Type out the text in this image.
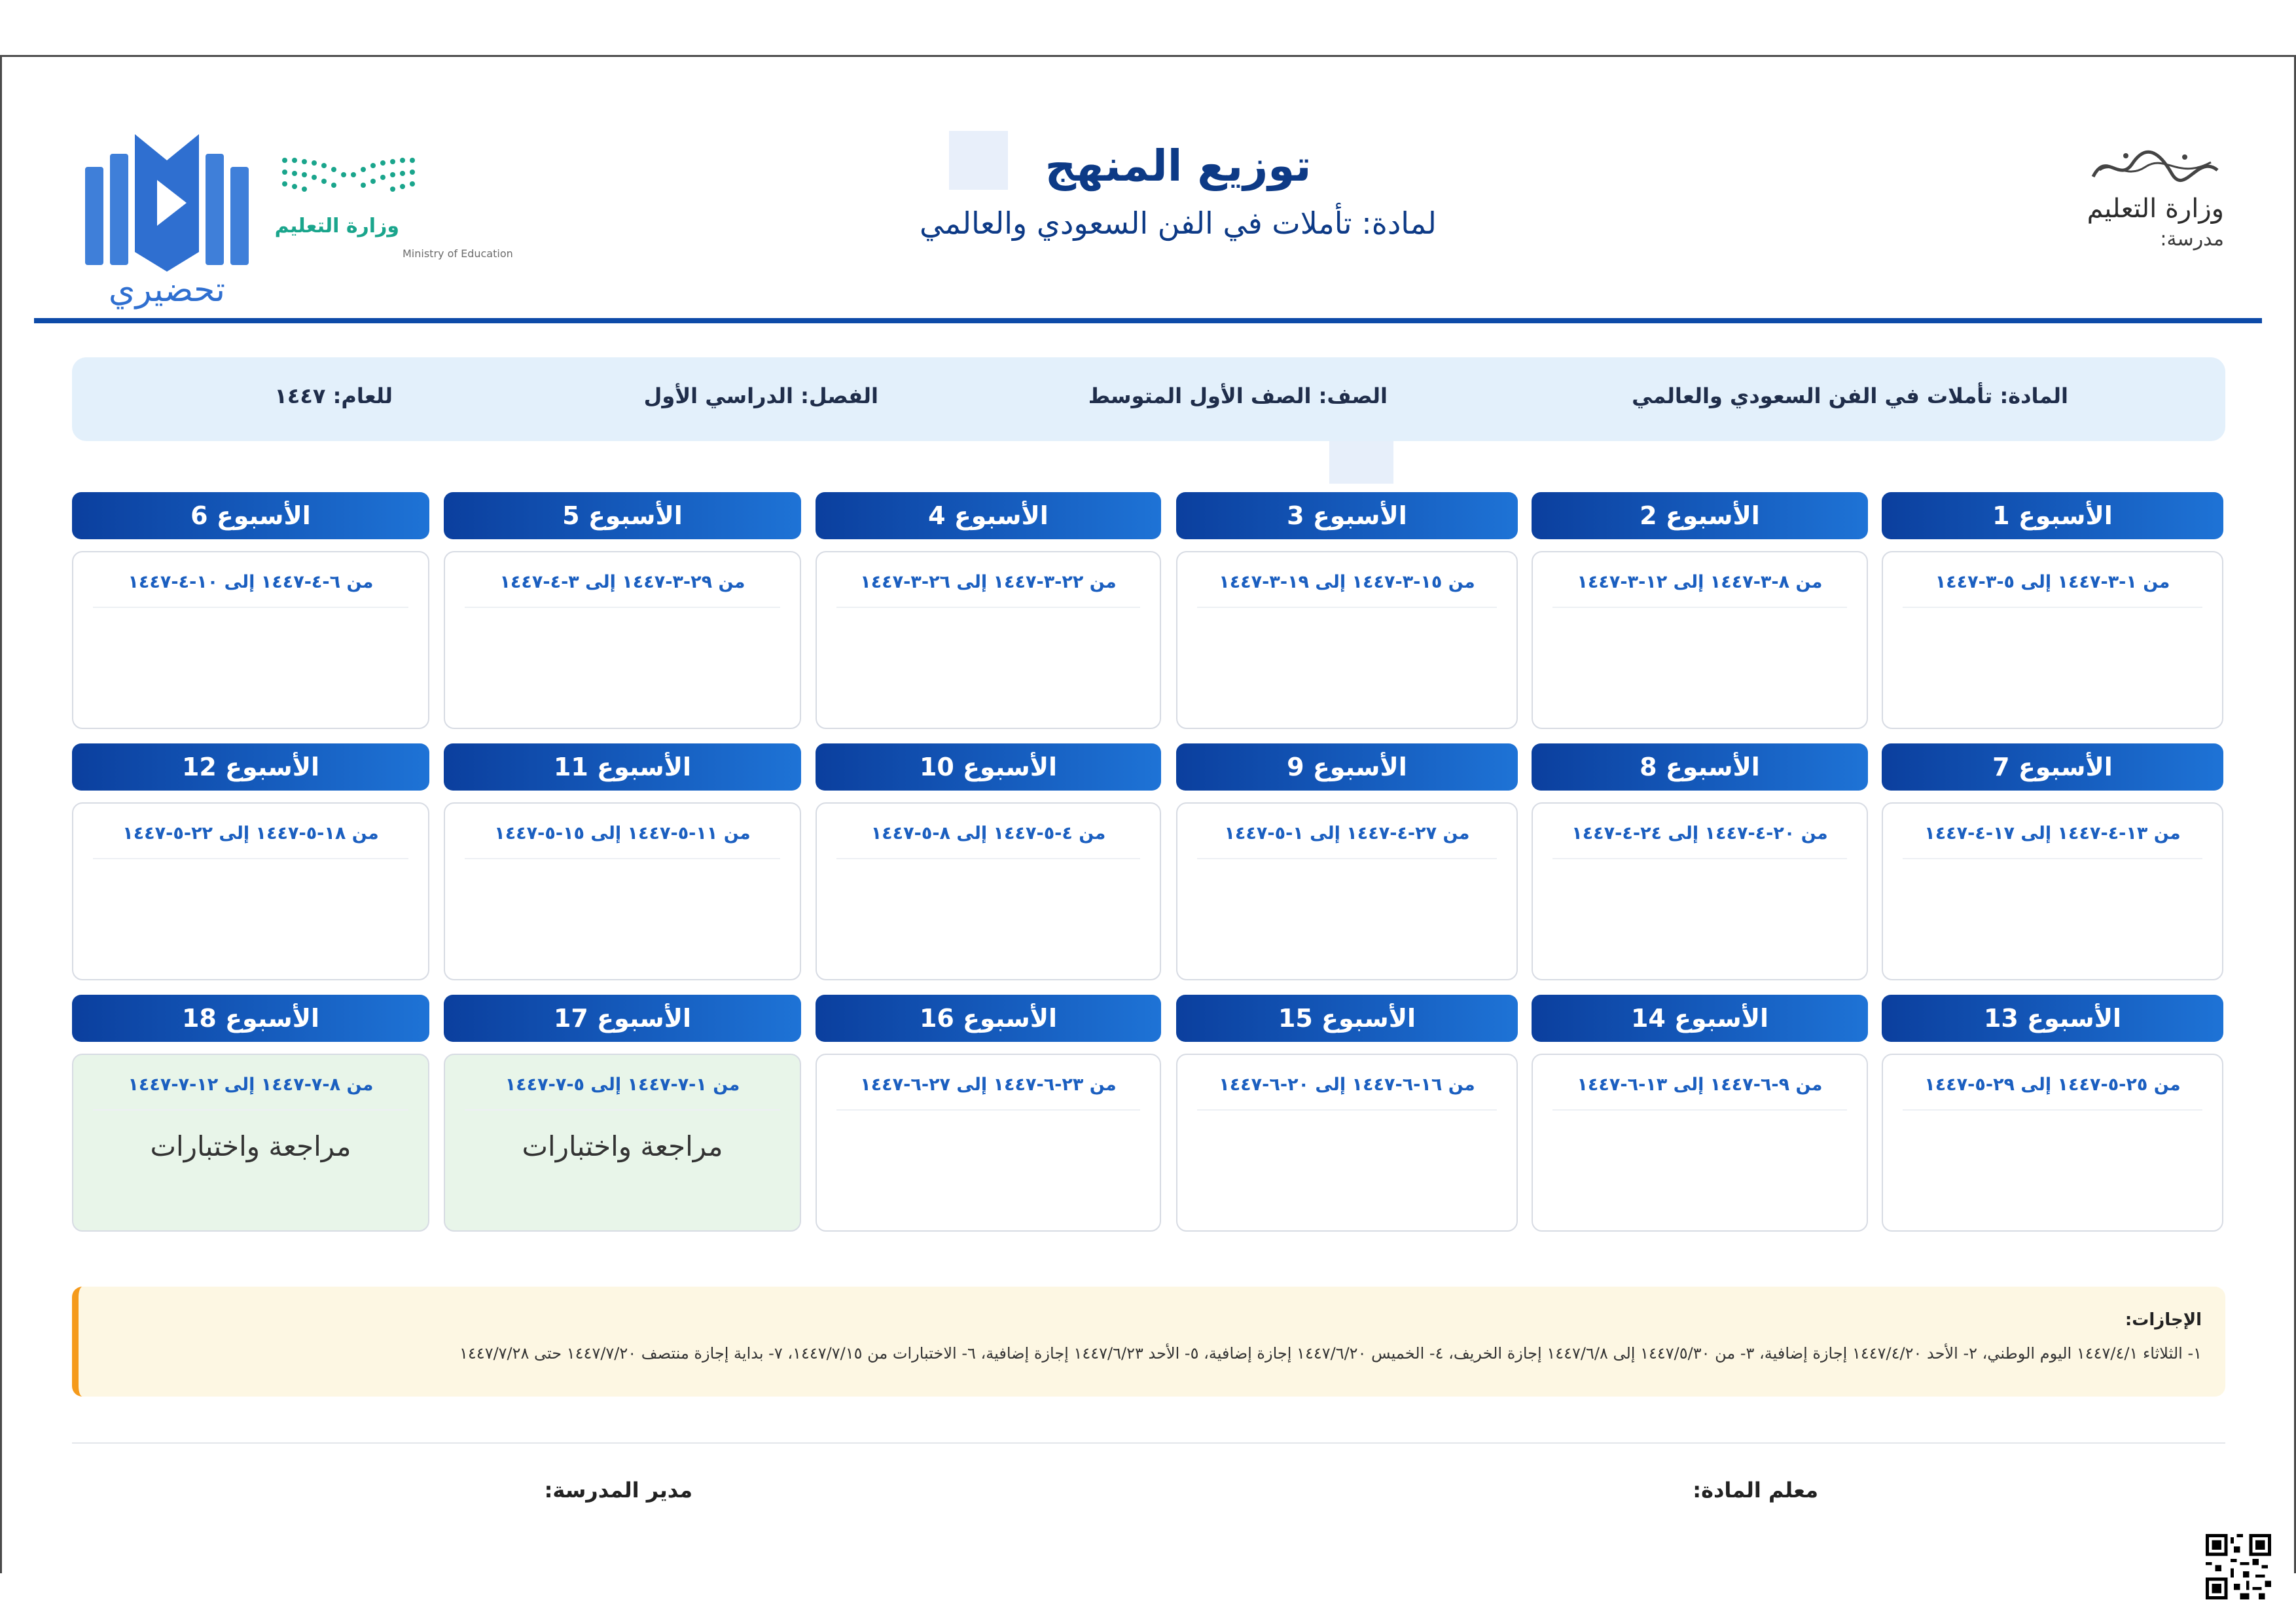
وزارة التعليم
مدرسة:
توزيع المنهج
لمادة: تأملات في الفن السعودي والعالمي
وزارة التعليم
Ministry of Education
تحضيري
المادة: تأملات في الفن السعودي والعالمي
الصف: الصف الأول المتوسط
الفصل: الدراسي الأول
للعام: ١٤٤٧
الأسبوع 1
من ١-٣-١٤٤٧ إلى ٥-٣-١٤٤٧
الأسبوع 2
من ٨-٣-١٤٤٧ إلى ١٢-٣-١٤٤٧
الأسبوع 3
من ١٥-٣-١٤٤٧ إلى ١٩-٣-١٤٤٧
الأسبوع 4
من ٢٢-٣-١٤٤٧ إلى ٢٦-٣-١٤٤٧
الأسبوع 5
من ٢٩-٣-١٤٤٧ إلى ٣-٤-١٤٤٧
الأسبوع 6
من ٦-٤-١٤٤٧ إلى ١٠-٤-١٤٤٧
الأسبوع 7
من ١٣-٤-١٤٤٧ إلى ١٧-٤-١٤٤٧
الأسبوع 8
من ٢٠-٤-١٤٤٧ إلى ٢٤-٤-١٤٤٧
الأسبوع 9
من ٢٧-٤-١٤٤٧ إلى ١-٥-١٤٤٧
الأسبوع 10
من ٤-٥-١٤٤٧ إلى ٨-٥-١٤٤٧
الأسبوع 11
من ١١-٥-١٤٤٧ إلى ١٥-٥-١٤٤٧
الأسبوع 12
من ١٨-٥-١٤٤٧ إلى ٢٢-٥-١٤٤٧
الأسبوع 13
من ٢٥-٥-١٤٤٧ إلى ٢٩-٥-١٤٤٧
الأسبوع 14
من ٩-٦-١٤٤٧ إلى ١٣-٦-١٤٤٧
الأسبوع 15
من ١٦-٦-١٤٤٧ إلى ٢٠-٦-١٤٤٧
الأسبوع 16
من ٢٣-٦-١٤٤٧ إلى ٢٧-٦-١٤٤٧
الأسبوع 17
من ١-٧-١٤٤٧ إلى ٥-٧-١٤٤٧
مراجعة واختبارات
الأسبوع 18
من ٨-٧-١٤٤٧ إلى ١٢-٧-١٤٤٧
مراجعة واختبارات
الإجازات:
١- الثلاثاء ١٤٤٧/٤/١ اليوم الوطني، ٢- الأحد ١٤٤٧/٤/٢٠ إجازة إضافية، ٣- من ١٤٤٧/٥/٣٠ إلى ١٤٤٧/٦/٨ إجازة الخريف، ٤- الخميس ١٤٤٧/٦/٢٠ إجازة إضافية، ٥- الأحد ١٤٤٧/٦/٢٣ إجازة إضافية، ٦- الاختبارات من ١٤٤٧/٧/١٥، ٧- بداية إجازة منتصف ١٤٤٧/٧/٢٠ حتى ١٤٤٧/٧/٢٨
معلم المادة:
مدير المدرسة:
